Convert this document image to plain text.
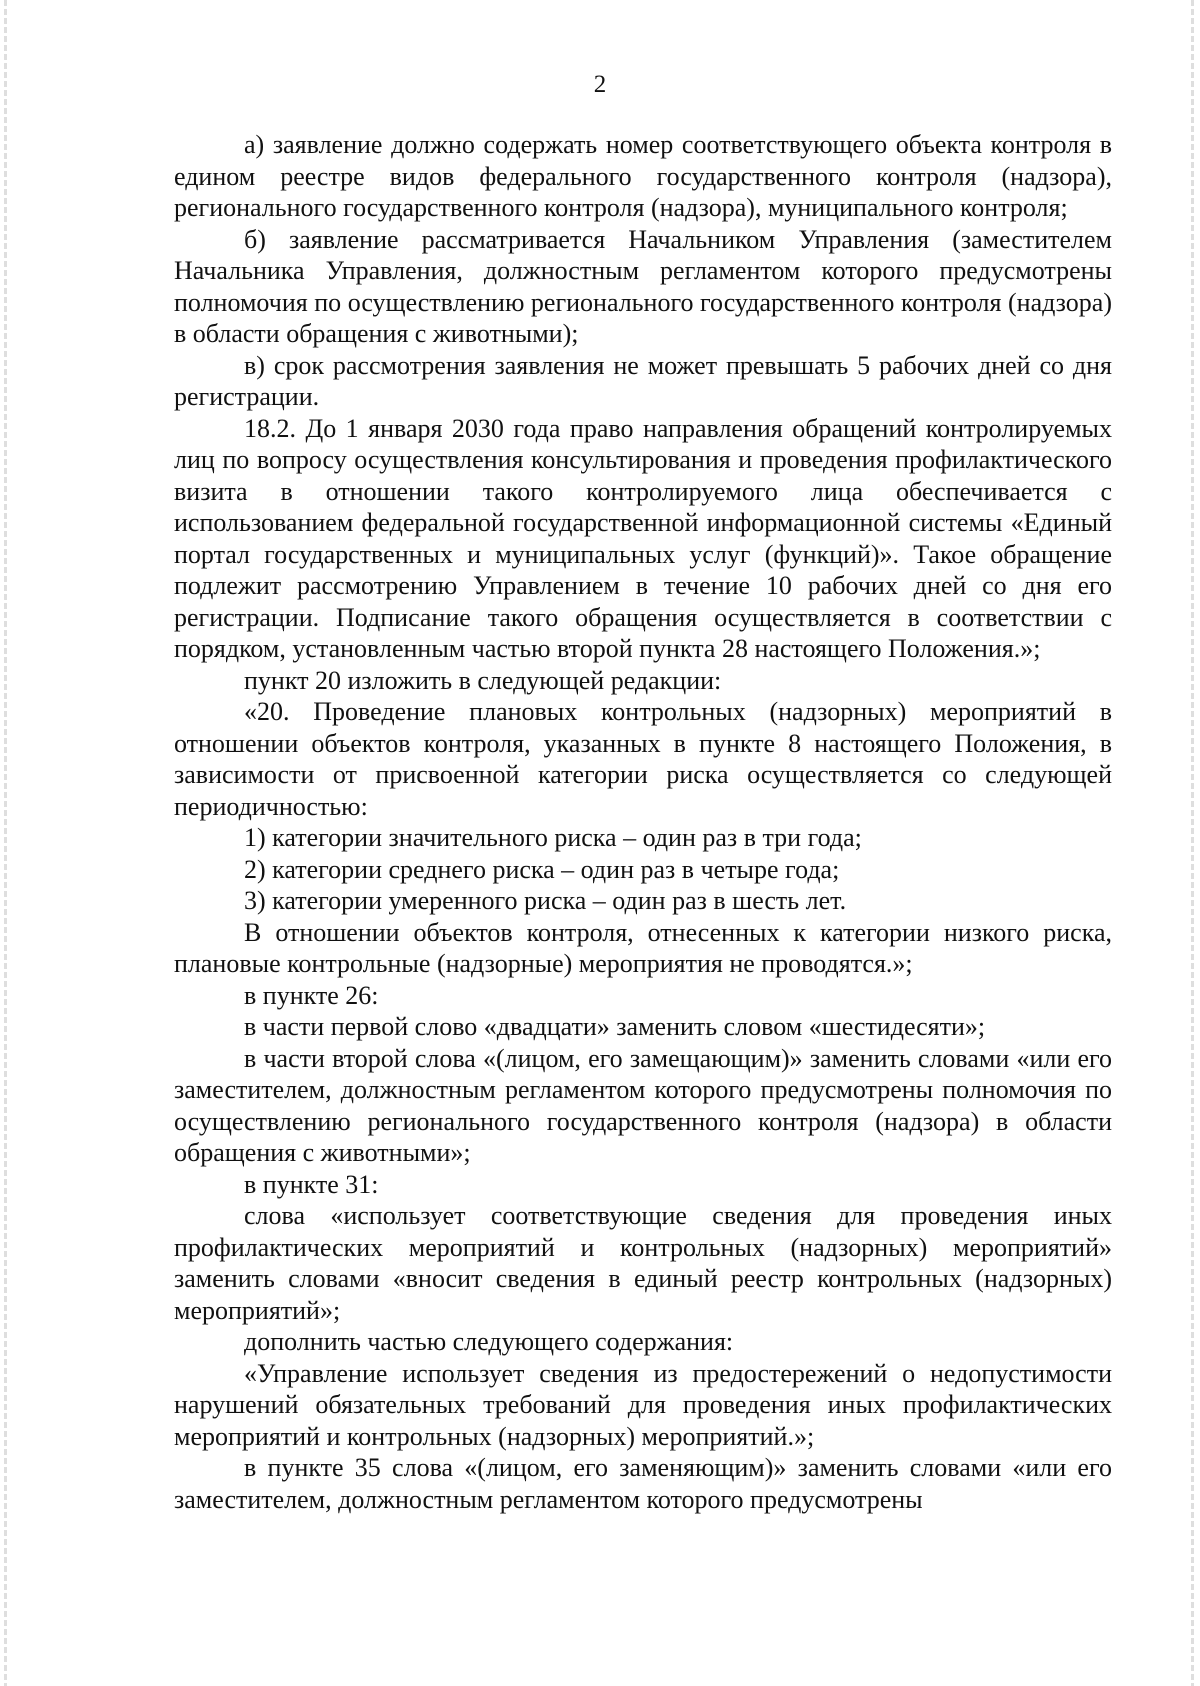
2

а) заявление должно содержать номер соответствующего объекта контроля в едином реестре видов федерального государственного контроля (надзора), регионального государственного контроля (надзора), муниципального контроля;

б) заявление рассматривается Начальником Управления (заместителем Начальника Управления, должностным регламентом которого предусмотрены полномочия по осуществлению регионального государственного контроля (надзора) в области обращения с животными);

в) срок рассмотрения заявления не может превышать 5 рабочих дней со дня регистрации.

18.2. До 1 января 2030 года право направления обращений контролируемых лиц по вопросу осуществления консультирования и проведения профилактического визита в отношении такого контролируемого лица обеспечивается с использованием федеральной государственной информационной системы «Единый портал государственных и муниципальных услуг (функций)». Такое обращение подлежит рассмотрению Управлением в течение 10 рабочих дней со дня его регистрации. Подписание такого обращения осуществляется в соответствии с порядком, установленным частью второй пункта 28 настоящего Положения.»;

пункт 20 изложить в следующей редакции:

«20. Проведение плановых контрольных (надзорных) мероприятий в отношении объектов контроля, указанных в пункте 8 настоящего Положения, в зависимости от присвоенной категории риска осуществляется со следующей периодичностью:

1) категории значительного риска – один раз в три года;

2) категории среднего риска – один раз в четыре года;

3) категории умеренного риска – один раз в шесть лет.

В отношении объектов контроля, отнесенных к категории низкого риска, плановые контрольные (надзорные) мероприятия не проводятся.»;

в пункте 26:

в части первой слово «двадцати» заменить словом «шестидесяти»;

в части второй слова «(лицом, его замещающим)» заменить словами «или его заместителем, должностным регламентом которого предусмотрены полномочия по осуществлению регионального государственного контроля (надзора) в области обращения с животными»;

в пункте 31:

слова «использует соответствующие сведения для проведения иных профилактических мероприятий и контрольных (надзорных) мероприятий» заменить словами «вносит сведения в единый реестр контрольных (надзорных) мероприятий»;

дополнить частью следующего содержания:

«Управление использует сведения из предостережений о недопустимости нарушений обязательных требований для проведения иных профилактических мероприятий и контрольных (надзорных) мероприятий.»;

в пункте 35 слова «(лицом, его заменяющим)» заменить словами «или его заместителем, должностным регламентом которого предусмотрены
